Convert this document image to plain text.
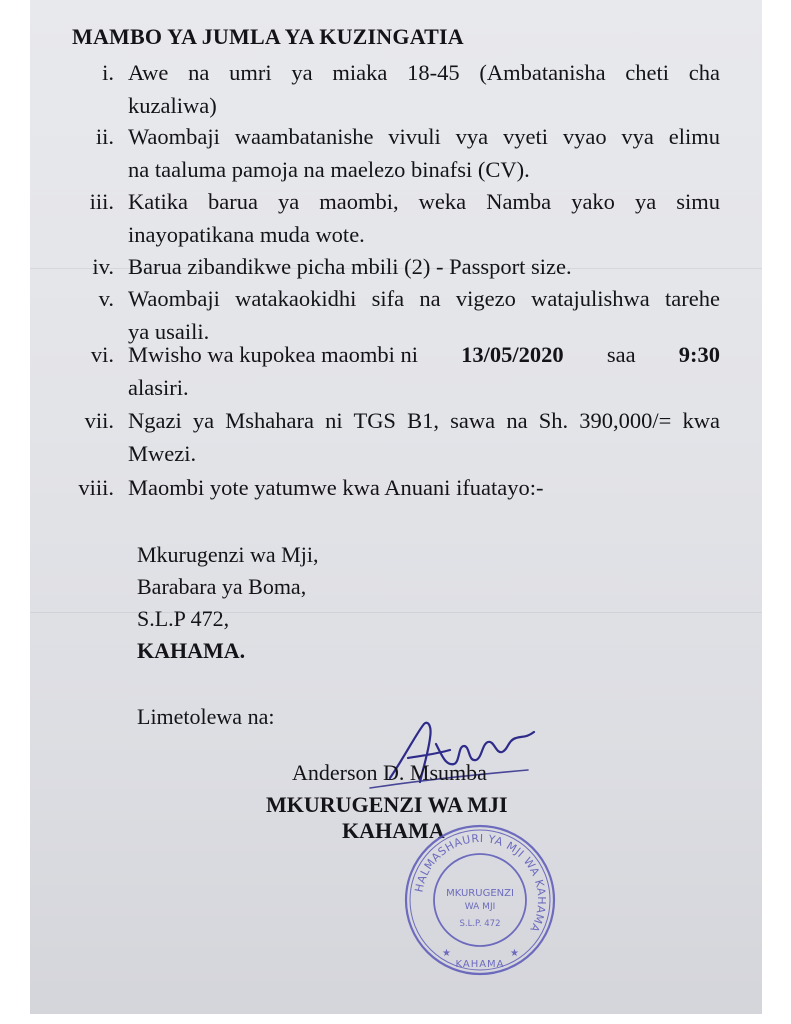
MAMBO YA JUMLA YA KUZINGATIA
i. Awe na umri ya miaka 18-45 (Ambatanisha cheti cha
kuzaliwa)
ii. Waombaji waambatanishe vivuli vya vyeti vyao vya elimu
na taaluma pamoja na maelezo binafsi (CV).
iii. Katika barua ya maombi, weka Namba yako ya simu
inayopatikana muda wote.
iv. Barua zibandikwe picha mbili (2) - Passport size.
v. Waombaji watakaokidhi sifa na vigezo watajulishwa tarehe
ya usaili.
vi. Mwisho wa kupokea maombi ni 13/05/2020 saa 9:30
alasiri.
vii. Ngazi ya Mshahara ni TGS B1, sawa na Sh. 390,000/= kwa
Mwezi.
viii. Maombi yote yatumwe kwa Anuani ifuatayo:-
Mkurugenzi wa Mji,
Barabara ya Boma,
S.L.P 472,
KAHAMA.
Limetolewa na:
Anderson D. Msumba
MKURUGENZI WA MJI
KAHAMA
HALMASHAURI YA MJI WA KAHAMA
MKURUGENZI
WA MJI
S.L.P. 472
KAHAMA
★	★
